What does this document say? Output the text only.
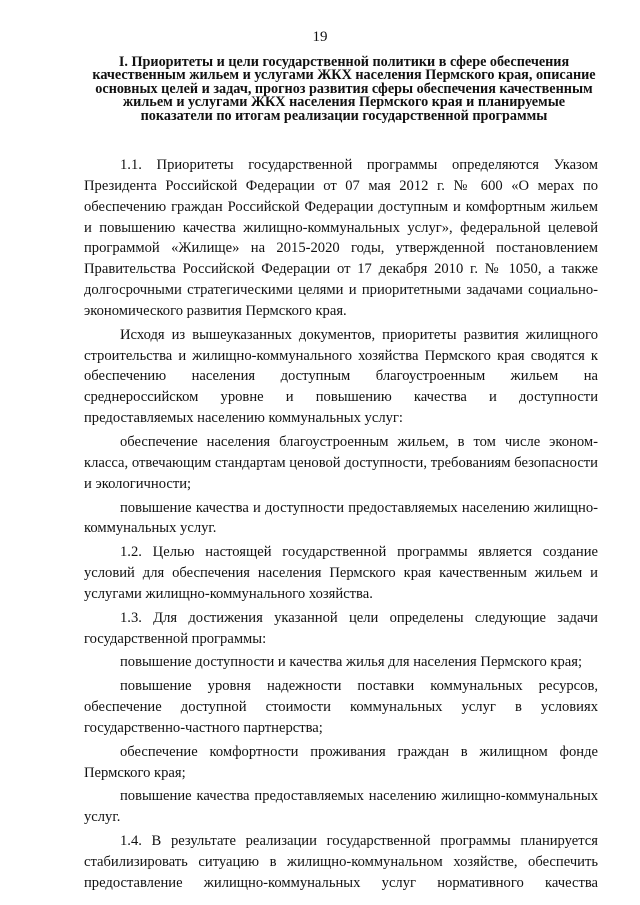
19
I. Приоритеты и цели государственной политики в сфере обеспечения качественным жильем и услугами ЖКХ населения Пермского края, описание основных целей и задач, прогноз развития сферы обеспечения качественным жильем и услугами ЖКХ населения Пермского края и планируемые показатели по итогам реализации государственной программы

1.1. Приоритеты государственной программы определяются Указом Президента Российской Федерации от 07 мая 2012 г. № 600 «О мерах по обеспечению граждан Российской Федерации доступным и комфортным жильем и повышению качества жилищно-коммунальных услуг», федеральной целевой программой «Жилище» на 2015-2020 годы, утвержденной постановлением Правительства Российской Федерации от 17 декабря 2010 г. № 1050, а также долгосрочными стратегическими целями и приоритетными задачами социально-экономического развития Пермского края.

Исходя из вышеуказанных документов, приоритеты развития жилищного строительства и жилищно-коммунального хозяйства Пермского края сводятся к обеспечению населения доступным благоустроенным жильем на среднероссийском уровне и повышению качества и доступности предоставляемых населению коммунальных услуг:

обеспечение населения благоустроенным жильем, в том числе эконом-класса, отвечающим стандартам ценовой доступности, требованиям безопасности и экологичности;

повышение качества и доступности предоставляемых населению жилищно-коммунальных услуг.

1.2. Целью настоящей государственной программы является создание условий для обеспечения населения Пермского края качественным жильем и услугами жилищно-коммунального хозяйства.

1.3. Для достижения указанной цели определены следующие задачи государственной программы:

повышение доступности и качества жилья для населения Пермского края;

повышение уровня надежности поставки коммунальных ресурсов, обеспечение доступной стоимости коммунальных услуг в условиях государственно-частного партнерства;

обеспечение комфортности проживания граждан в жилищном фонде Пермского края;

повышение качества предоставляемых населению жилищно-коммунальных услуг.

1.4. В результате реализации государственной программы планируется стабилизировать ситуацию в жилищно-коммунальном хозяйстве, обеспечить предоставление жилищно-коммунальных услуг нормативного качества
